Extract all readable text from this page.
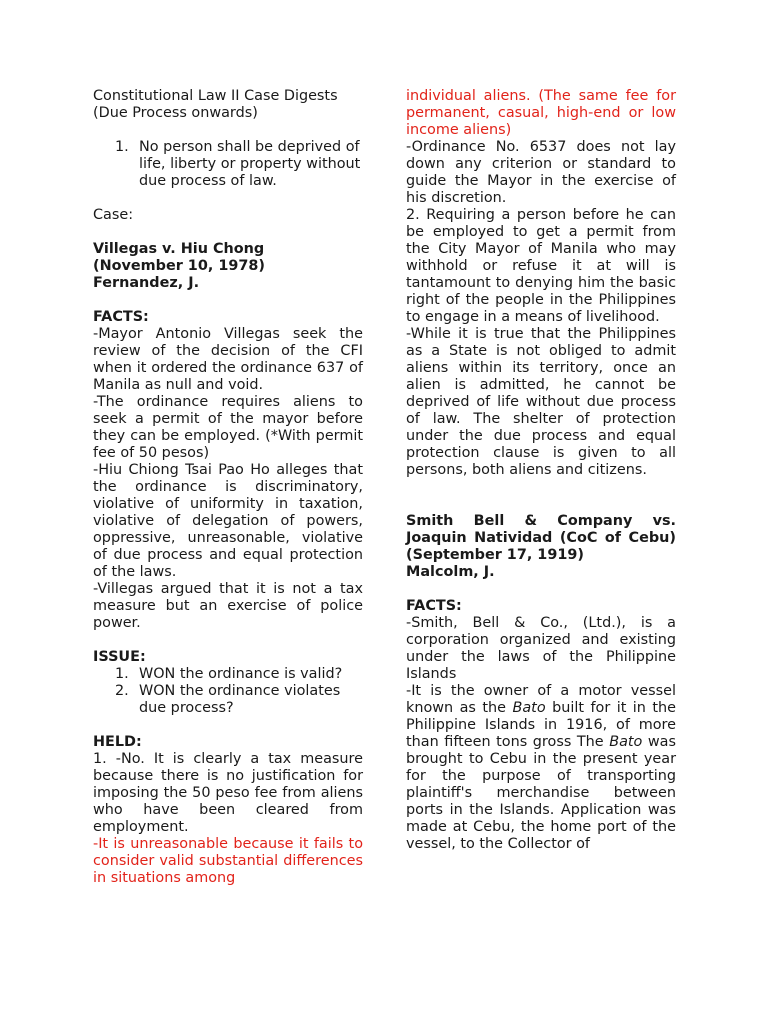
Constitutional Law II Case Digests

(Due Process onwards)

1. No person shall be deprived of life, liberty or property without due process of law.

Case:

Villegas v. Hiu Chong

(November 10, 1978)

Fernandez, J.

FACTS:

-Mayor Antonio Villegas seek the review of the decision of the CFI when it ordered the ordinance 637 of Manila as null and void.

-The ordinance requires aliens to seek a permit of the mayor before they can be employed. (*With permit fee of 50 pesos)

-Hiu Chiong Tsai Pao Ho alleges that the ordinance is discriminatory, violative of uniformity in taxation, violative of delegation of powers, oppressive, unreasonable, violative of due process and equal protection of the laws.

-Villegas argued that it is not a tax measure but an exercise of police power.

ISSUE:

1. WON the ordinance is valid?
2. WON the ordinance violates due process?

HELD:

1. -No. It is clearly a tax measure because there is no justification for imposing the 50 peso fee from aliens who have been cleared from employment.

-It is unreasonable because it fails to consider valid substantial differences in situations among

individual aliens. (The same fee for permanent, casual, high-end or low income aliens)

-Ordinance No. 6537 does not lay down any criterion or standard to guide the Mayor in the exercise of his discretion.

2. Requiring a person before he can be employed to get a permit from the City Mayor of Manila who may withhold or refuse it at will is tantamount to denying him the basic right of the people in the Philippines to engage in a means of livelihood.

-While it is true that the Philippines as a State is not obliged to admit aliens within its territory, once an alien is admitted, he cannot be deprived of life without due process of law. The shelter of protection under the due process and equal protection clause is given to all persons, both aliens and citizens.

Smith Bell & Company vs. Joaquin Natividad (CoC of Cebu) (September 17, 1919)

Malcolm, J.

FACTS:

-Smith, Bell & Co., (Ltd.), is a corporation organized and existing under the laws of the Philippine Islands

-It is the owner of a motor vessel known as the Bato built for it in the Philippine Islands in 1916, of more than fifteen tons gross The Bato was brought to Cebu in the present year for the purpose of transporting plaintiff's merchandise between ports in the Islands. Application was made at Cebu, the home port of the vessel, to the Collector of
